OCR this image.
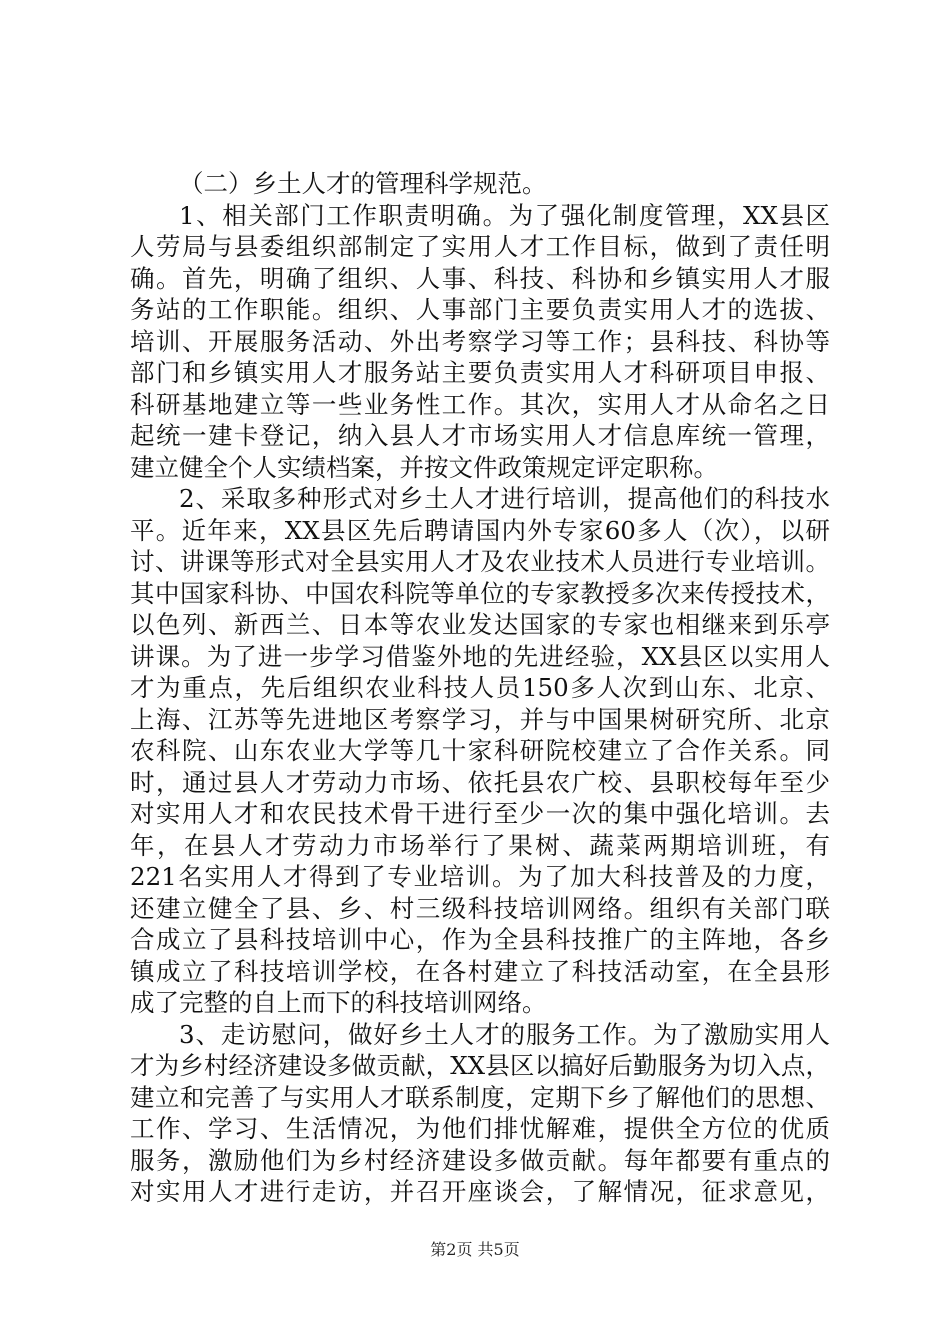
（二）乡土人才的管理科学规范。
1、相关部门工作职责明确。为了强化制度管理，XX县区
人劳局与县委组织部制定了实用人才工作目标，做到了责任明
确。首先，明确了组织、人事、科技、科协和乡镇实用人才服
务站的工作职能。组织、人事部门主要负责实用人才的选拔、
培训、开展服务活动、外出考察学习等工作；县科技、科协等
部门和乡镇实用人才服务站主要负责实用人才科研项目申报、
科研基地建立等一些业务性工作。其次，实用人才从命名之日
起统一建卡登记，纳入县人才市场实用人才信息库统一管理，
建立健全个人实绩档案，并按文件政策规定评定职称。
2、采取多种形式对乡土人才进行培训，提高他们的科技水
平。近年来，XX县区先后聘请国内外专家60多人（次），以研
讨、讲课等形式对全县实用人才及农业技术人员进行专业培训。
其中国家科协、中国农科院等单位的专家教授多次来传授技术，
以色列、新西兰、日本等农业发达国家的专家也相继来到乐亭
讲课。为了进一步学习借鉴外地的先进经验，XX县区以实用人
才为重点，先后组织农业科技人员150多人次到山东、北京、
上海、江苏等先进地区考察学习，并与中国果树研究所、北京
农科院、山东农业大学等几十家科研院校建立了合作关系。同
时，通过县人才劳动力市场、依托县农广校、县职校每年至少
对实用人才和农民技术骨干进行至少一次的集中强化培训。去
年，在县人才劳动力市场举行了果树、蔬菜两期培训班，有
221名实用人才得到了专业培训。为了加大科技普及的力度，
还建立健全了县、乡、村三级科技培训网络。组织有关部门联
合成立了县科技培训中心，作为全县科技推广的主阵地，各乡
镇成立了科技培训学校，在各村建立了科技活动室，在全县形
成了完整的自上而下的科技培训网络。
3、走访慰问，做好乡土人才的服务工作。为了激励实用人
才为乡村经济建设多做贡献，XX县区以搞好后勤服务为切入点，
建立和完善了与实用人才联系制度，定期下乡了解他们的思想、
工作、学习、生活情况，为他们排忧解难，提供全方位的优质
服务，激励他们为乡村经济建设多做贡献。每年都要有重点的
对实用人才进行走访，并召开座谈会，了解情况，征求意见，
第2页 共5页
